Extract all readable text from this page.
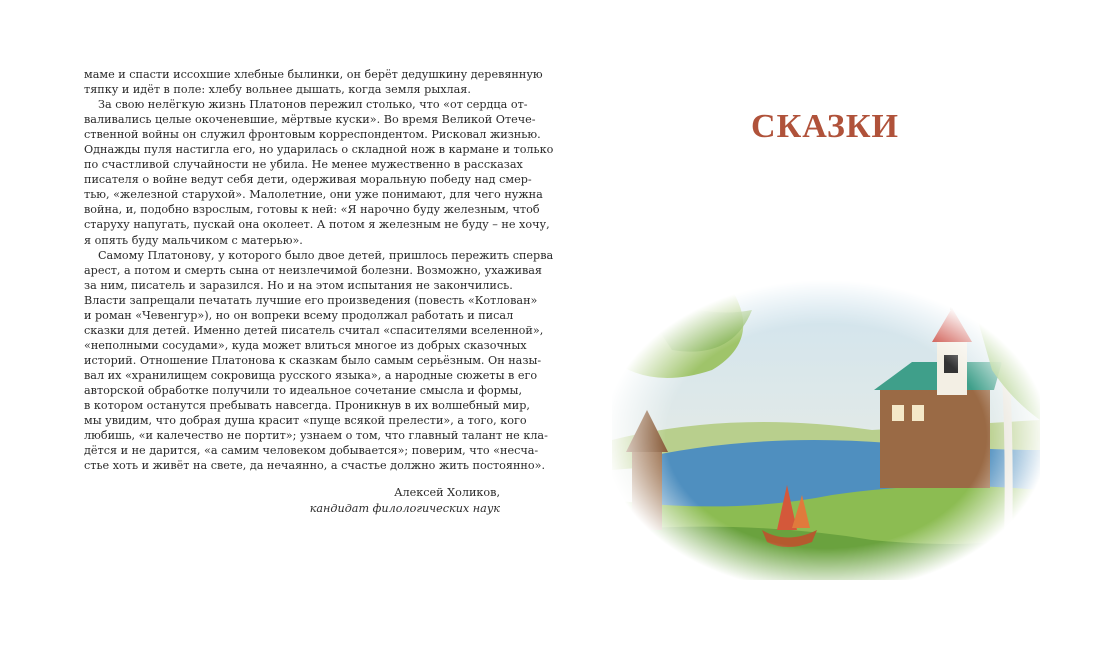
маме и спасти иссохшие хлебные былинки, он берёт дедушкину деревянную
тяпку и идёт в поле: хлебу вольнее дышать, когда земля рыхлая.
За свою нелёгкую жизнь Платонов пережил столько, что «от сердца от-
валивались целые окоченевшие, мёртвые куски». Во время Великой Отече-
ственной войны он служил фронтовым корреспондентом. Рисковал жизнью.
Однажды пуля настигла его, но ударилась о складной нож в кармане и только
по счастливой случайности не убила. Не менее мужественно в рассказах
писателя о войне ведут себя дети, одерживая моральную победу над смер-
тью, «железной старухой». Малолетние, они уже понимают, для чего нужна
война, и, подобно взрослым, готовы к ней: «Я нарочно буду железным, чтоб
старуху напугать, пускай она околеет. А потом я железным не буду – не хочу,
я опять буду мальчиком с матерью».
Самому Платонову, у которого было двое детей, пришлось пережить сперва
арест, а потом и смерть сына от неизлечимой болезни. Возможно, ухаживая
за ним, писатель и заразился. Но и на этом испытания не закончились.
Власти запрещали печатать лучшие его произведения (повесть «Котлован»
и роман «Чевенгур»), но он вопреки всему продолжал работать и писал
сказки для детей. Именно детей писатель считал «спасителями вселенной»,
«неполными сосудами», куда может влиться многое из добрых сказочных
историй. Отношение Платонова к сказкам было самым серьёзным. Он назы-
вал их «хранилищем сокровища русского языка», а народные сюжеты в его
авторской обработке получили то идеальное сочетание смысла и формы,
в котором останутся пребывать навсегда. Проникнув в их волшебный мир,
мы увидим, что добрая душа красит «пуще всякой прелести», а того, кого
любишь, «и калечество не портит»; узнаем о том, что главный талант не кла-
дётся и не дарится, «а самим человеком добывается»; поверим, что «несча-
стье хоть и живёт на свете, да нечаянно, а счастье должно жить постоянно».
Алексей Холиков,
кандидат филологических наук
СКАЗКИ
